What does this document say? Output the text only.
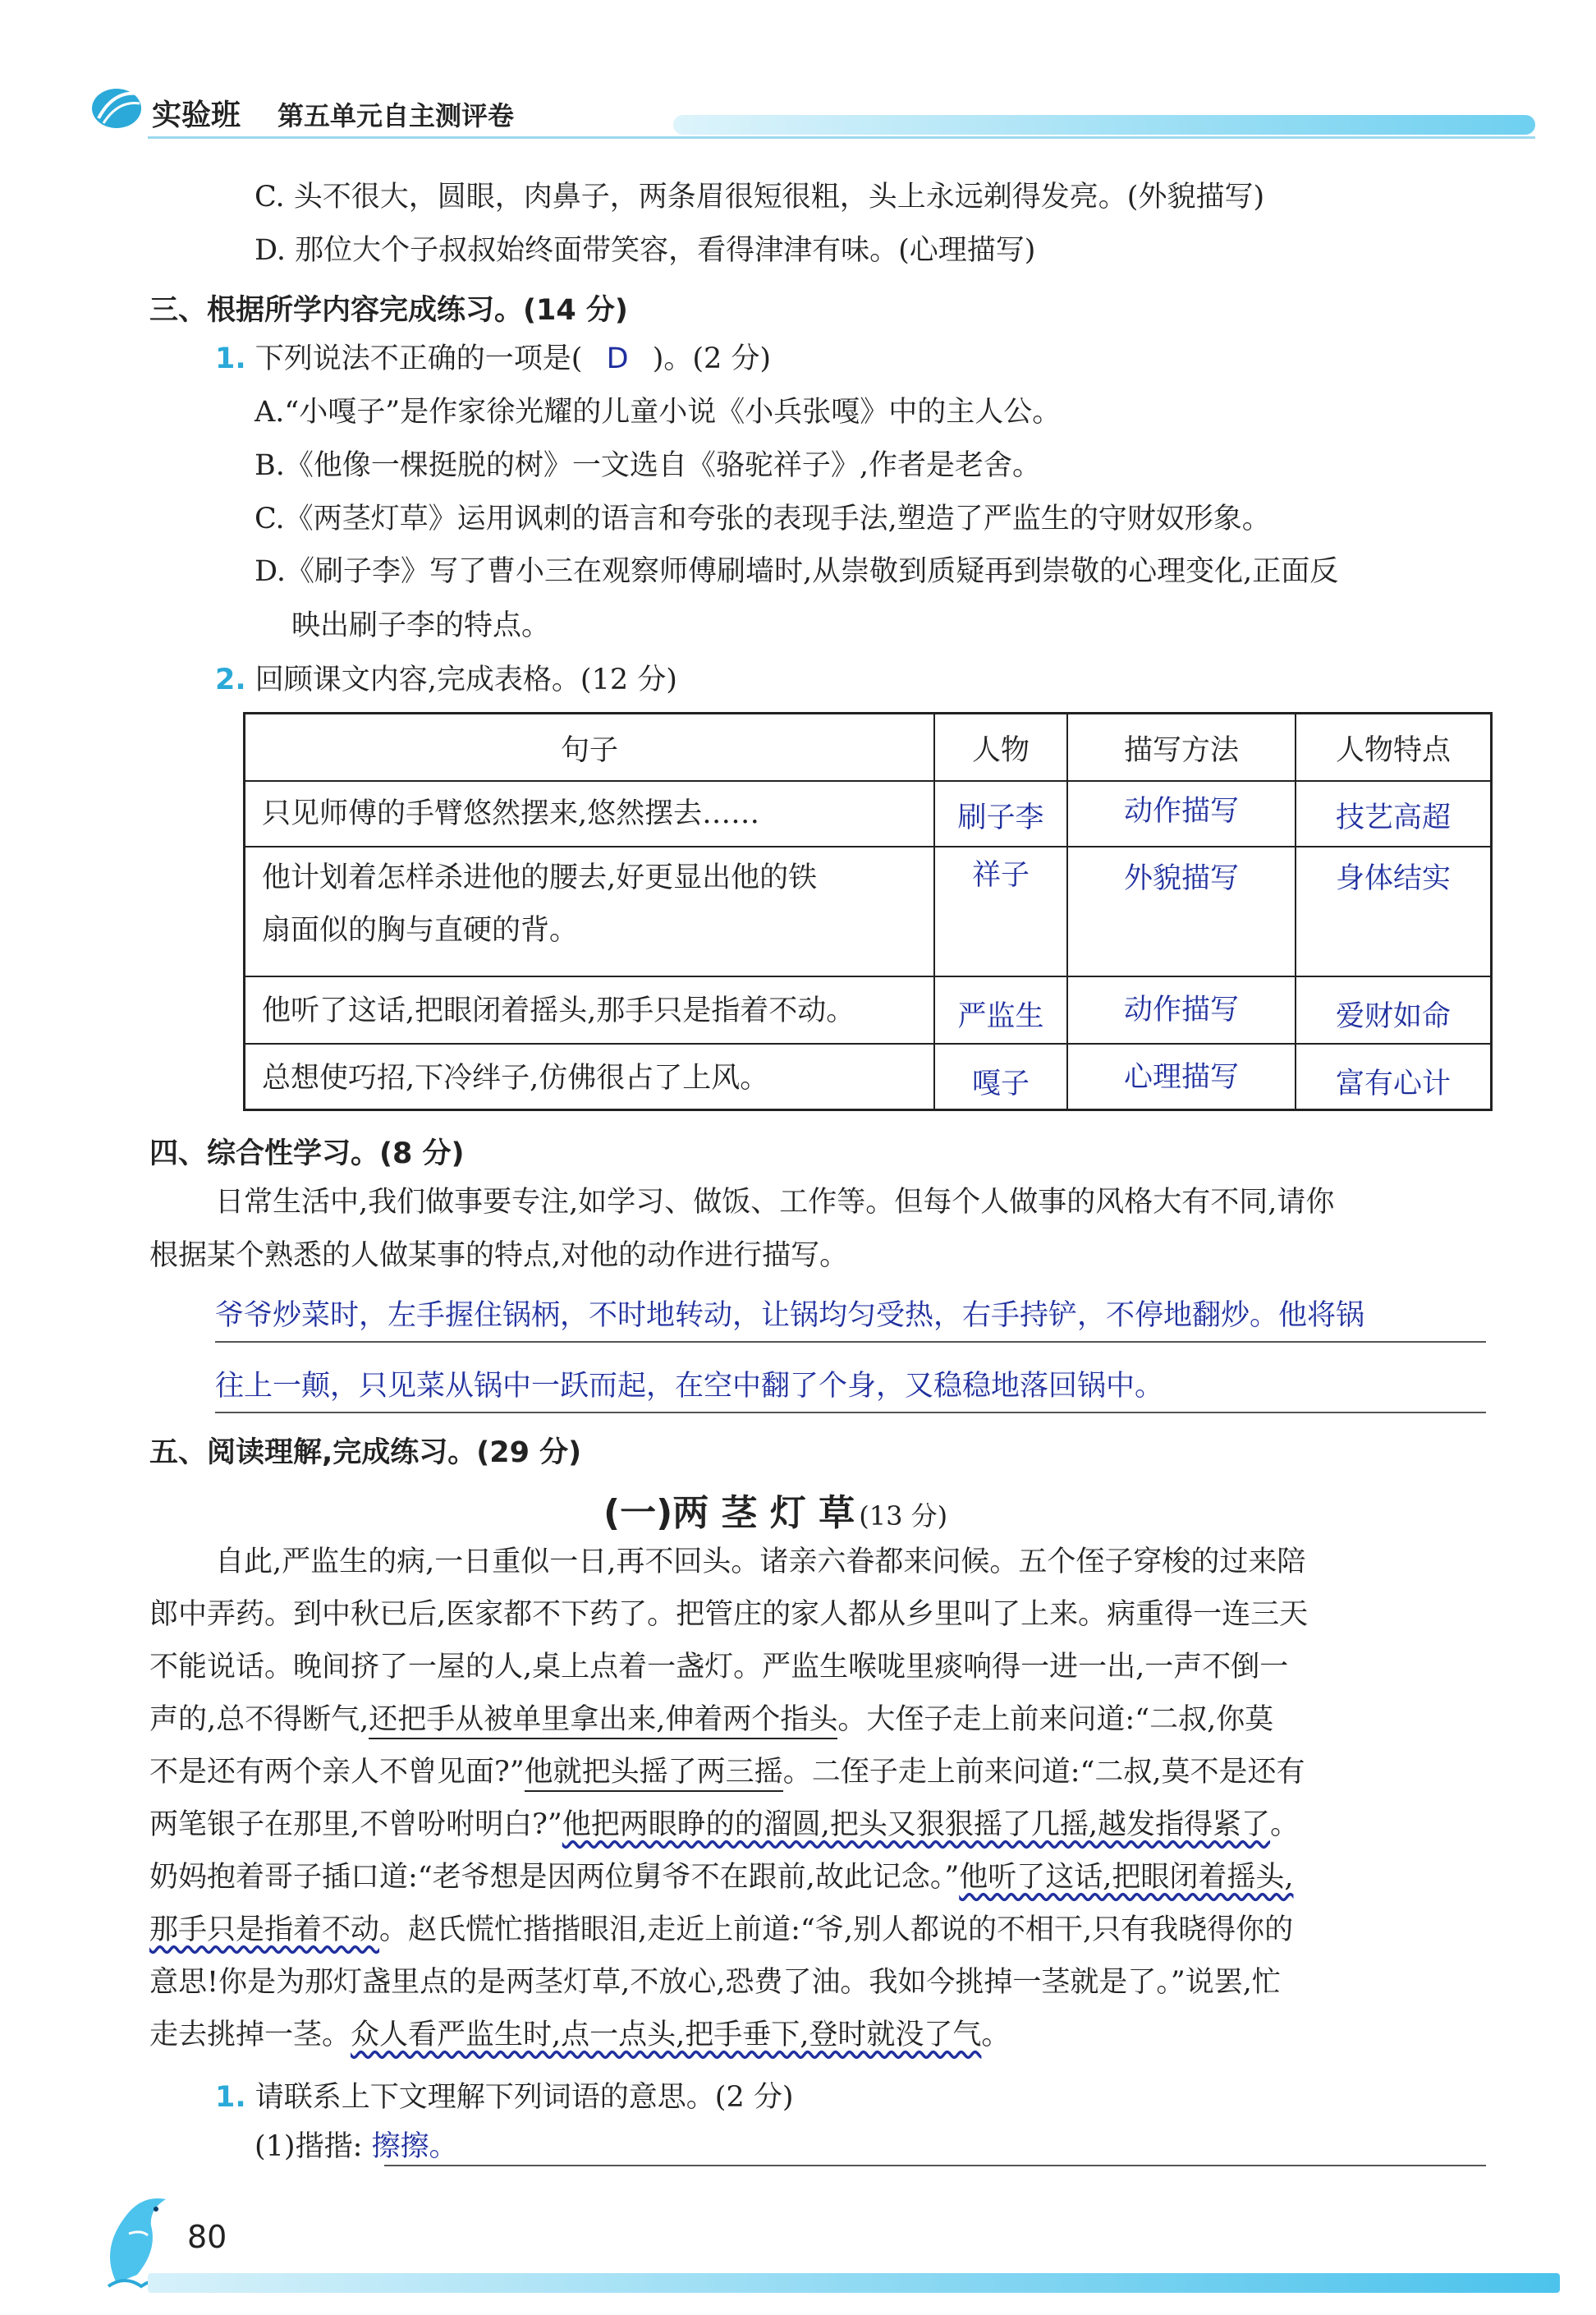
实验班 第五单元自主测评卷
C. 头不很大，圆眼，肉鼻子，两条眉很短很粗，头上永远剃得发亮。(外貌描写)
D. 那位大个子叔叔始终面带笑容，看得津津有味。(心理描写)
三、根据所学内容完成练习。(14 分)
1. 下列说法不正确的一项是( D )。(2 分)
A.“小嘎子”是作家徐光耀的儿童小说《小兵张嘎》中的主人公。
B.《他像一棵挺脱的树》一文选自《骆驼祥子》,作者是老舍。
C.《两茎灯草》运用讽刺的语言和夸张的表现手法,塑造了严监生的守财奴形象。
D.《刷子李》写了曹小三在观察师傅刷墙时,从崇敬到质疑再到崇敬的心理变化,正面反
映出刷子李的特点。
2. 回顾课文内容,完成表格。(12 分)
句子	人物	描写方法	人物特点
只见师傅的手臂悠然摆来,悠然摆去……	刷子李	动作描写	技艺高超
他计划着怎样杀进他的腰去,好更显出他的铁
扇面似的胸与直硬的背。
祥子	外貌描写	身体结实
他听了这话,把眼闭着摇头,那手只是指着不动。	严监生	动作描写	爱财如命
总想使巧招,下冷绊子,仿佛很占了上风。	嘎子	心理描写	富有心计
四、综合性学习。(8 分)
日常生活中,我们做事要专注,如学习、做饭、工作等。但每个人做事的风格大有不同,请你
根据某个熟悉的人做某事的特点,对他的动作进行描写。
爷爷炒菜时，左手握住锅柄，不时地转动，让锅均匀受热，右手持铲，不停地翻炒。他将锅
往上一颠，只见菜从锅中一跃而起，在空中翻了个身，又稳稳地落回锅中。
五、阅读理解,完成练习。(29 分)
(一)两 茎 灯 草 (13 分)
自此,严监生的病,一日重似一日,再不回头。诸亲六眷都来问候。五个侄子穿梭的过来陪
郎中弄药。到中秋已后,医家都不下药了。把管庄的家人都从乡里叫了上来。病重得一连三天
不能说话。晚间挤了一屋的人,桌上点着一盏灯。严监生喉咙里痰响得一进一出,一声不倒一
声的,总不得断气,还把手从被单里拿出来,伸着两个指头。大侄子走上前来问道:“二叔,你莫
不是还有两个亲人不曾见面?”他就把头摇了两三摇。二侄子走上前来问道:“二叔,莫不是还有
两笔银子在那里,不曾吩咐明白?”他把两眼睁的的溜圆,把头又狠狠摇了几摇,越发指得紧了。
奶妈抱着哥子插口道:“老爷想是因两位舅爷不在跟前,故此记念。”他听了这话,把眼闭着摇头,
那手只是指着不动。赵氏慌忙揩揩眼泪,走近上前道:“爷,别人都说的不相干,只有我晓得你的
意思!你是为那灯盏里点的是两茎灯草,不放心,恐费了油。我如今挑掉一茎就是了。”说罢,忙
走去挑掉一茎。众人看严监生时,点一点头,把手垂下,登时就没了气。
1. 请联系上下文理解下列词语的意思。(2 分)
(1)揩揩: 擦擦。
80
